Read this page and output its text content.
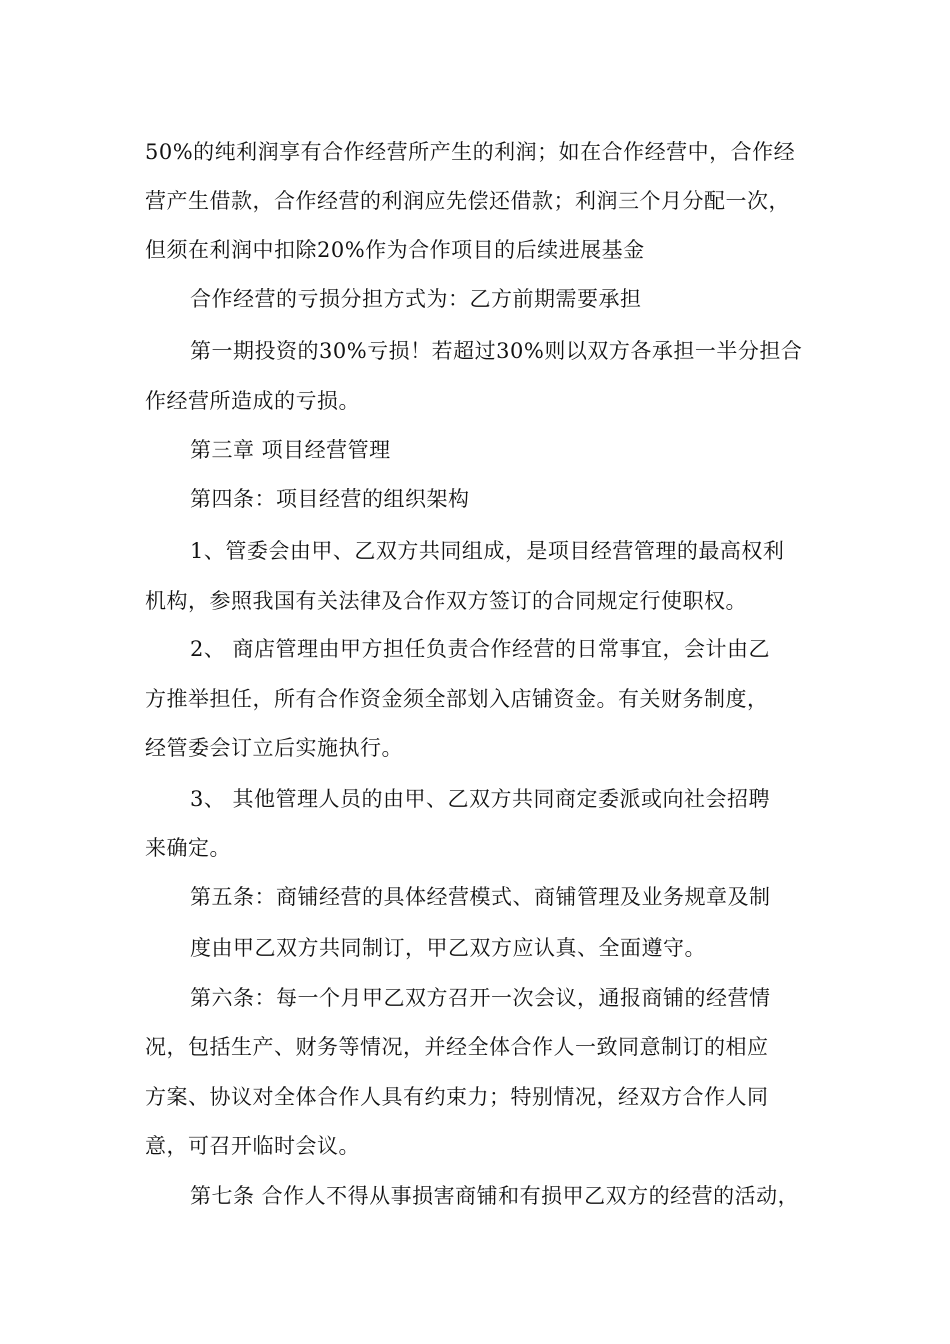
50%的纯利润享有合作经营所产生的利润；如在合作经营中，合作经
营产生借款，合作经营的利润应先偿还借款；利润三个月分配一次，
但须在利润中扣除20%作为合作项目的后续进展基金
合作经营的亏损分担方式为：乙方前期需要承担
第一期投资的30%亏损！若超过30%则以双方各承担一半分担合
作经营所造成的亏损。
第三章 项目经营管理
第四条：项目经营的组织架构
1、管委会由甲、乙双方共同组成，是项目经营管理的最高权利
机构，参照我国有关法律及合作双方签订的合同规定行使职权。
2、 商店管理由甲方担任负责合作经营的日常事宜，会计由乙
方推举担任，所有合作资金须全部划入店铺资金。有关财务制度，
经管委会订立后实施执行。
3、 其他管理人员的由甲、乙双方共同商定委派或向社会招聘
来确定。
第五条：商铺经营的具体经营模式、商铺管理及业务规章及制
度由甲乙双方共同制订，甲乙双方应认真、全面遵守。
第六条：每一个月甲乙双方召开一次会议，通报商铺的经营情
况，包括生产、财务等情况，并经全体合作人一致同意制订的相应
方案、协议对全体合作人具有约束力；特别情况，经双方合作人同
意，可召开临时会议。
第七条 合作人不得从事损害商铺和有损甲乙双方的经营的活动，
